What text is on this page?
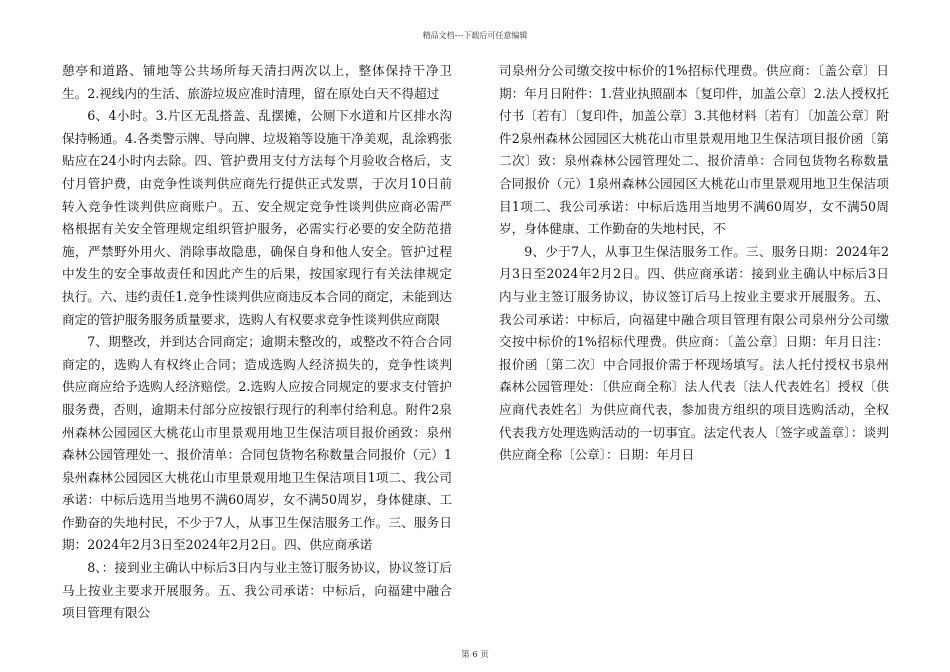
精品文档---下载后可任意编辑

憩亭和道路、铺地等公共场所每天清扫两次以上，整体保持干净卫生。2.视线内的生活、旅游垃圾应准时清理，留在原处白天不得超过

6、4小时。3.片区无乱搭盖、乱摆摊，公厕下水道和片区排水沟保持畅通。4.各类警示牌、导向牌、垃圾箱等设施干净美观，乱涂鸦张贴应在24小时内去除。四、管护费用支付方法每个月验收合格后，支付月管护费，由竞争性谈判供应商先行提供正式发票，于次月10日前转入竞争性谈判供应商账户。五、安全规定竞争性谈判供应商必需严格根据有关安全管理规定组织管护服务，必需实行必要的安全防范措施，严禁野外用火、消除事故隐患，确保自身和他人安全。管护过程中发生的安全事故责任和因此产生的后果，按国家现行有关法律规定执行。六、违约责任1.竞争性谈判供应商违反本合同的商定，未能到达商定的管护服务服务质量要求，选购人有权要求竞争性谈判供应商限

7、期整改，并到达合同商定；逾期未整改的，或整改不符合合同商定的，选购人有权终止合同；造成选购人经济损失的，竞争性谈判供应商应给予选购人经济赔偿。2.选购人应按合同规定的要求支付管护服务费，否则，逾期未付部分应按银行现行的利率付给利息。附件2泉州森林公园园区大桃花山市里景观用地卫生保洁项目报价函致：泉州森林公园管理处一、报价清单：合同包货物名称数量合同报价（元）1泉州森林公园园区大桃花山市里景观用地卫生保洁项目1项二、我公司承诺：中标后选用当地男不满60周岁，女不满50周岁，身体健康、工作勤奋的失地村民，不少于7人，从事卫生保洁服务工作。三、服务日期：2024年2月3日至2024年2月2日。四、供应商承诺

8、：接到业主确认中标后3日内与业主签订服务协议，协议签订后马上按业主要求开展服务。五、我公司承诺：中标后，向福建中融合项目管理有限公

司泉州分公司缴交按中标价的1%招标代理费。供应商：〔盖公章〕日期：年月日附件：1.营业执照副本〔复印件，加盖公章〕2.法人授权托付书〔若有〕〔复印件，加盖公章〕3.其他材料〔若有〕〔加盖公章〕附件2泉州森林公园园区大桃花山市里景观用地卫生保洁项目报价函〔第二次〕致：泉州森林公园管理处二、报价清单：合同包货物名称数量合同报价（元）1泉州森林公园园区大桃花山市里景观用地卫生保洁项目1项二、我公司承诺：中标后选用当地男不满60周岁，女不满50周岁，身体健康、工作勤奋的失地村民，不

9、少于7人，从事卫生保洁服务工作。三、服务日期：2024年2月3日至2024年2月2日。四、供应商承诺：接到业主确认中标后3日内与业主签订服务协议，协议签订后马上按业主要求开展服务。五、我公司承诺：中标后，向福建中融合项目管理有限公司泉州分公司缴交按中标价的1%招标代理费。供应商：〔盖公章〕日期：年月日注：报价函〔第二次〕中合同报价需于杯现场填写。法人托付授权书泉州森林公园管理处：〔供应商全称〕法人代表〔法人代表姓名〕授权〔供应商代表姓名〕为供应商代表，参加贵方组织的项目选购活动，全权代表我方处理选购活动的一切事宜。法定代表人〔签字或盖章〕：谈判供应商全称〔公章〕：日期：年月日

第 6 页
